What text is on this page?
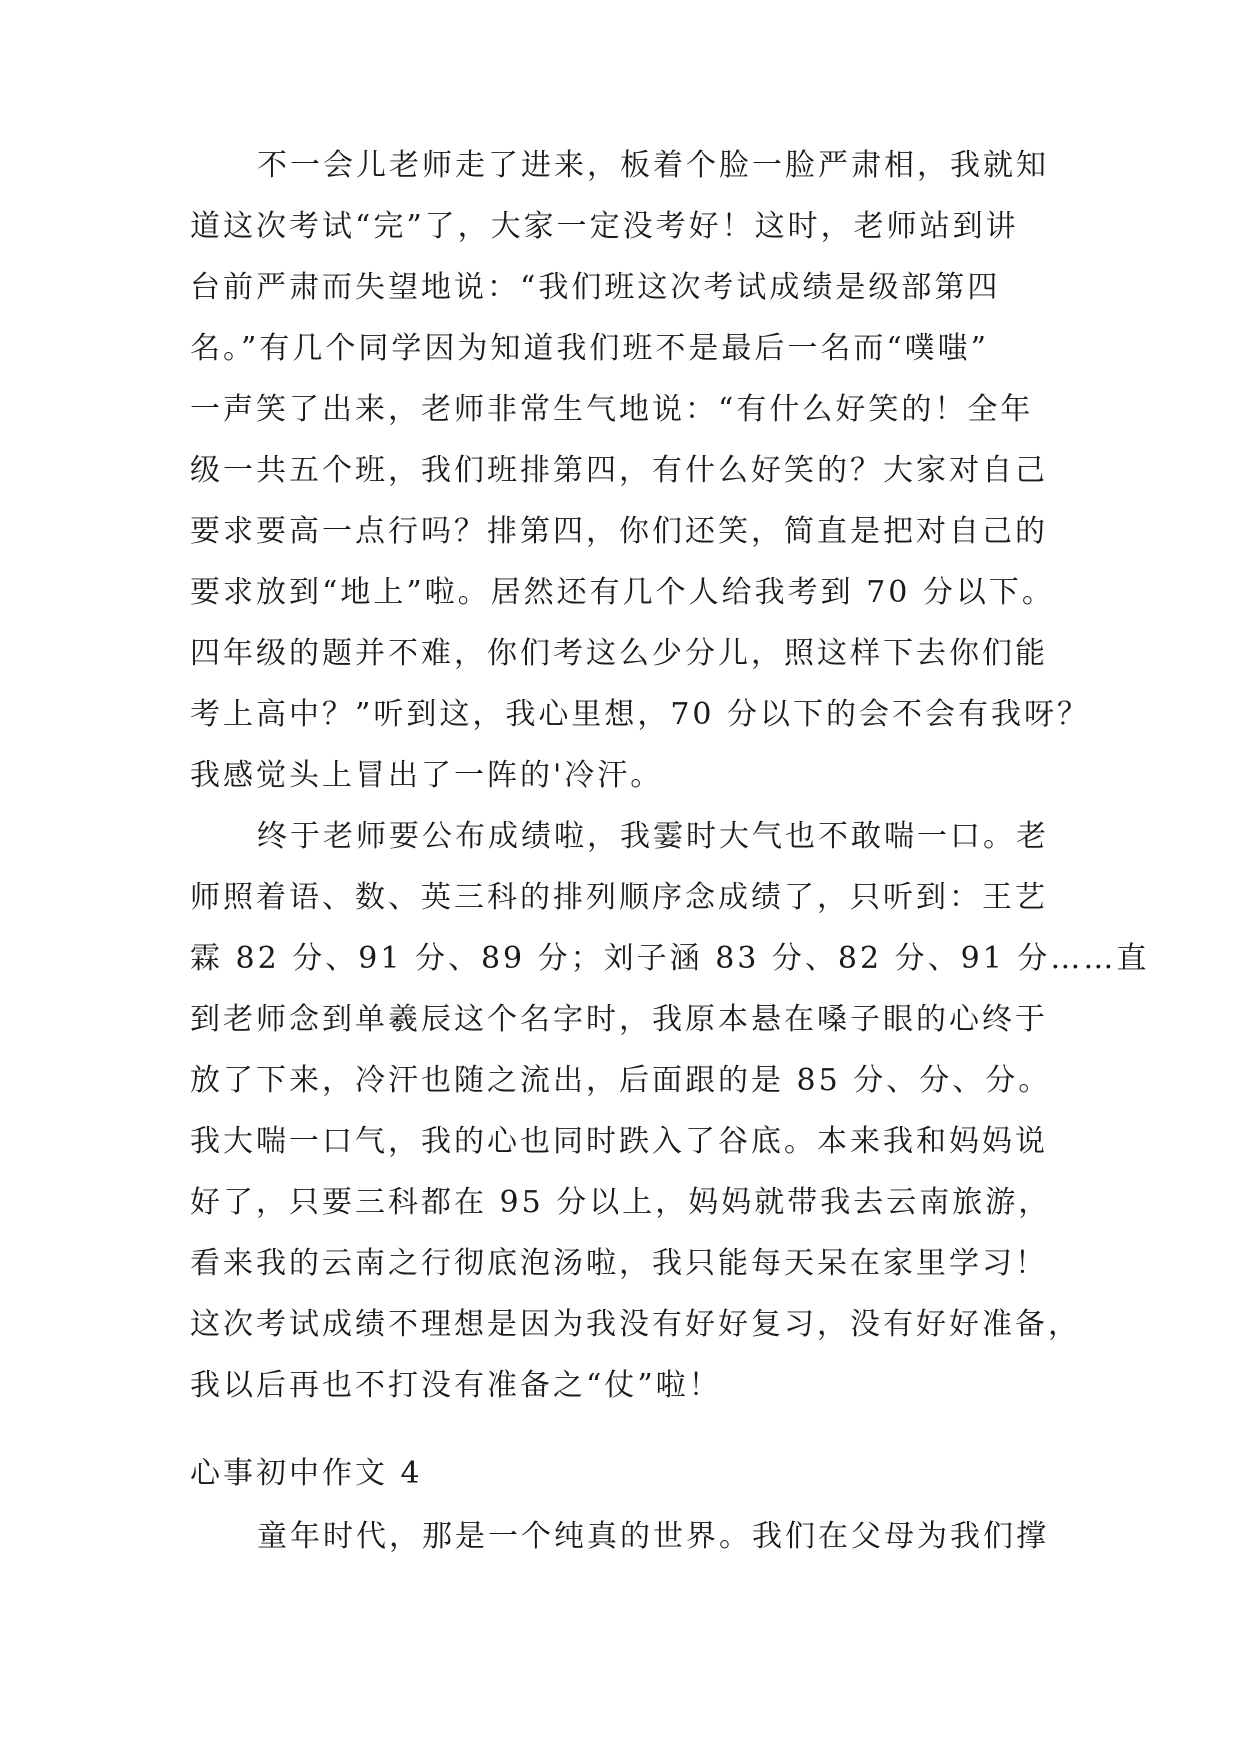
不一会儿老师走了进来，板着个脸一脸严肃相，我就知
道这次考试“完”了，大家一定没考好！这时，老师站到讲
台前严肃而失望地说：“我们班这次考试成绩是级部第四
名。”有几个同学因为知道我们班不是最后一名而“噗嗤”
一声笑了出来，老师非常生气地说：“有什么好笑的！全年
级一共五个班，我们班排第四，有什么好笑的？大家对自己
要求要高一点行吗？排第四，你们还笑，简直是把对自己的
要求放到“地上”啦。居然还有几个人给我考到 70 分以下。
四年级的题并不难，你们考这么少分儿，照这样下去你们能
考上高中？”听到这，我心里想，70 分以下的会不会有我呀？
我感觉头上冒出了一阵的'冷汗。
终于老师要公布成绩啦，我霎时大气也不敢喘一口。老
师照着语、数、英三科的排列顺序念成绩了，只听到：王艺
霖 82 分、91 分、89 分；刘子涵 83 分、82 分、91 分……直
到老师念到单羲辰这个名字时，我原本悬在嗓子眼的心终于
放了下来，冷汗也随之流出，后面跟的是 85 分、分、分。
我大喘一口气，我的心也同时跌入了谷底。本来我和妈妈说
好了，只要三科都在 95 分以上，妈妈就带我去云南旅游，
看来我的云南之行彻底泡汤啦，我只能每天呆在家里学习！
这次考试成绩不理想是因为我没有好好复习，没有好好准备，
我以后再也不打没有准备之“仗”啦！
心事初中作文 4
童年时代，那是一个纯真的世界。我们在父母为我们撑
